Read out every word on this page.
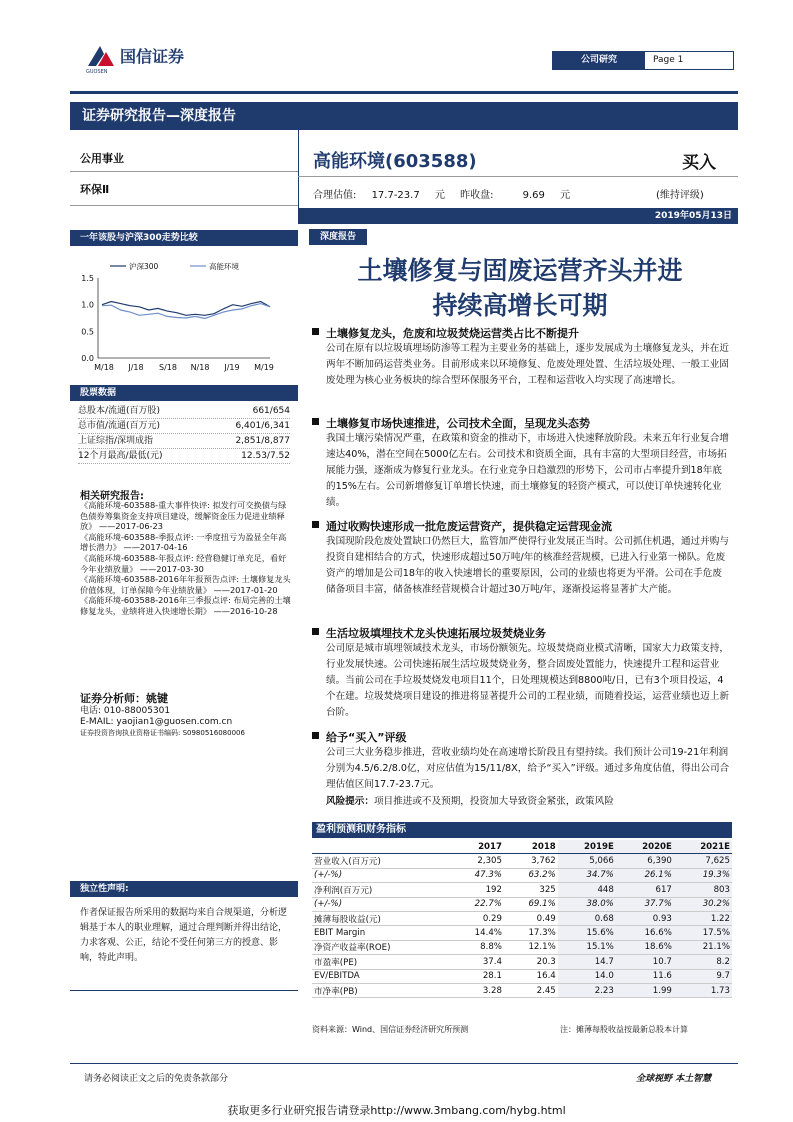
国信证券
GUOSEN
公司研究	Page 1
证券研究报告—深度报告
公用事业
环保Ⅱ
高能环境(603588)	买入
合理估值: 17.7-23.7 元 昨收盘:	9.69 元	(维持评级)
2019年05月13日
一年该股与沪深300走势比较
0.0
0.5
1.0
1.5
M/18 J/18 S/18 N/18 J/19 M/19
沪深300	高能环境
股票数据
总股本/流通(百万股)	661/654
总市值/流通(百万元)	6,401/6,341
上证综指/深圳成指	2,851/8,877
12个月最高/最低(元)	12.53/7.52
相关研究报告:
《高能环境-603588-重大事件快评: 拟发行可交换债与绿色债券筹集资金支持项目建设，缓解资金压力促进业绩释放》 ——2017-06-23
《高能环境-603588-季报点评: 一季度扭亏为盈显全年高增长潜力》 ——2017-04-16
《高能环境-603588-年报点评: 经营稳健订单充足，看好今年业绩放量》 ——2017-03-30
《高能环境-603588-2016年年报预告点评: 土壤修复龙头价值体现，订单保障今年业绩放量》 ——2017-01-20
《高能环境-603588-2016年三季报点评: 布局完善的土壤修复龙头，业绩将进入快速增长期》 ——2016-10-28
证券分析师：姚键
电话: 010-88005301
E-MAIL: yaojian1@guosen.com.cn
证券投资咨询执业资格证书编码: S0980516080006
独立性声明:
作者保证报告所采用的数据均来自合规渠道，分析逻辑基于本人的职业理解，通过合理判断并得出结论，力求客观、公正，结论不受任何第三方的授意、影响，特此声明。
深度报告
土壤修复与固废运营齐头并进
持续高增长可期
土壤修复龙头，危废和垃圾焚烧运营类占比不断提升
公司在原有以垃圾填埋场防渗等工程为主要业务的基础上，逐步发展成为土壤修复龙头，并在近两年不断加码运营类业务。目前形成来以环境修复、危废处理处置、生活垃圾处理、一般工业固废处理为核心业务板块的综合型环保服务平台，工程和运营收入均实现了高速增长。
土壤修复市场快速推进，公司技术全面，呈现龙头态势
我国土壤污染情况严重，在政策和资金的推动下，市场进入快速释放阶段。未来五年行业复合增速达40%，潜在空间在5000亿左右。公司技术和资质全面，具有丰富的大型项目经营，市场拓展能力强，逐渐成为修复行业龙头。在行业竞争日趋激烈的形势下，公司市占率提升到18年底的15%左右。公司新增修复订单增长快速，而土壤修复的轻资产模式，可以使订单快速转化业绩。
通过收购快速形成一批危废运营资产，提供稳定运营现金流
我国现阶段危废处置缺口仍然巨大，监管加严使得行业发展正当时。公司抓住机遇，通过并购与投资自建相结合的方式，快速形成超过50万吨/年的核准经营规模，已进入行业第一梯队。危废资产的增加是公司18年的收入快速增长的重要原因，公司的业绩也将更为平滑。公司在手危废储备项目丰富，储备核准经营规模合计超过30万吨/年，逐渐投运将显著扩大产能。
生活垃圾填埋技术龙头快速拓展垃圾焚烧业务
公司原是城市填埋领域技术龙头，市场份额领先。垃圾焚烧商业模式清晰，国家大力政策支持，行业发展快速。公司快速拓展生活垃圾焚烧业务，整合固废处置能力，快速提升工程和运营业绩。当前公司在手垃圾焚烧发电项目11个，日处理规模达到8800吨/日，已有3个项目投运，4个在建。垃圾焚烧项目建设的推进将显著提升公司的工程业绩，而随着投运，运营业绩也迈上新台阶。
给予“买入”评级
公司三大业务稳步推进，营收业绩均处在高速增长阶段且有望持续。我们预计公司19-21年利润分别为4.5/6.2/8.0亿，对应估值为15/11/8X，给予“买入”评级。通过多角度估值，得出公司合理估值区间17.7-23.7元。
风险提示：项目推进或不及预期，投资加大导致资金紧张，政策风险
盈利预测和财务指标
	2017	2018	2019E	2020E	2021E
营业收入(百万元)	2,305	3,762	5,066	6,390	7,625
(+/-%)	47.3%	63.2%	34.7%	26.1%	19.3%
净利润(百万元)	192	325	448	617	803
(+/-%)	22.7%	69.1%	38.0%	37.7%	30.2%
摊薄每股收益(元)	0.29	0.49	0.68	0.93	1.22
EBIT Margin	14.4%	17.3%	15.6%	16.6%	17.5%
净资产收益率(ROE)	8.8%	12.1%	15.1%	18.6%	21.1%
市盈率(PE)	37.4	20.3	14.7	10.7	8.2
EV/EBITDA	28.1	16.4	14.0	11.6	9.7
市净率(PB)	3.28	2.45	2.23	1.99	1.73
资料来源：Wind、国信证券经济研究所预测	注：摊薄每股收益按最新总股本计算
请务必阅读正文之后的免责条款部分	全球视野 本土智慧
获取更多行业研究报告请登录http://www.3mbang.com/hybg.html
